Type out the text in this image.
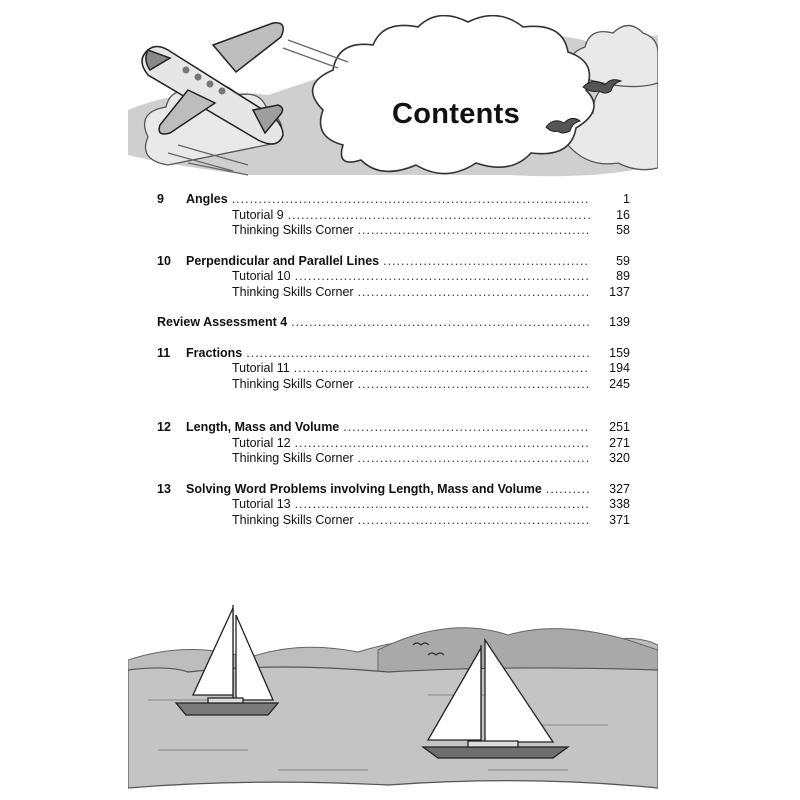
Contents
9	Angles .....	1
Tutorial 9 .....	16
Thinking Skills Corner .....	58
10	Perpendicular and Parallel Lines .....	59
Tutorial 10 .....	89
Thinking Skills Corner .....	137
Review Assessment 4 .....	139
11	Fractions .....	159
Tutorial 11 .....	194
Thinking Skills Corner .....	245
12	Length, Mass and Volume .....	251
Tutorial 12 .....	271
Thinking Skills Corner .....	320
13	Solving Word Problems involving Length, Mass and Volume .....	327
Tutorial 13 .....	338
Thinking Skills Corner .....	371
